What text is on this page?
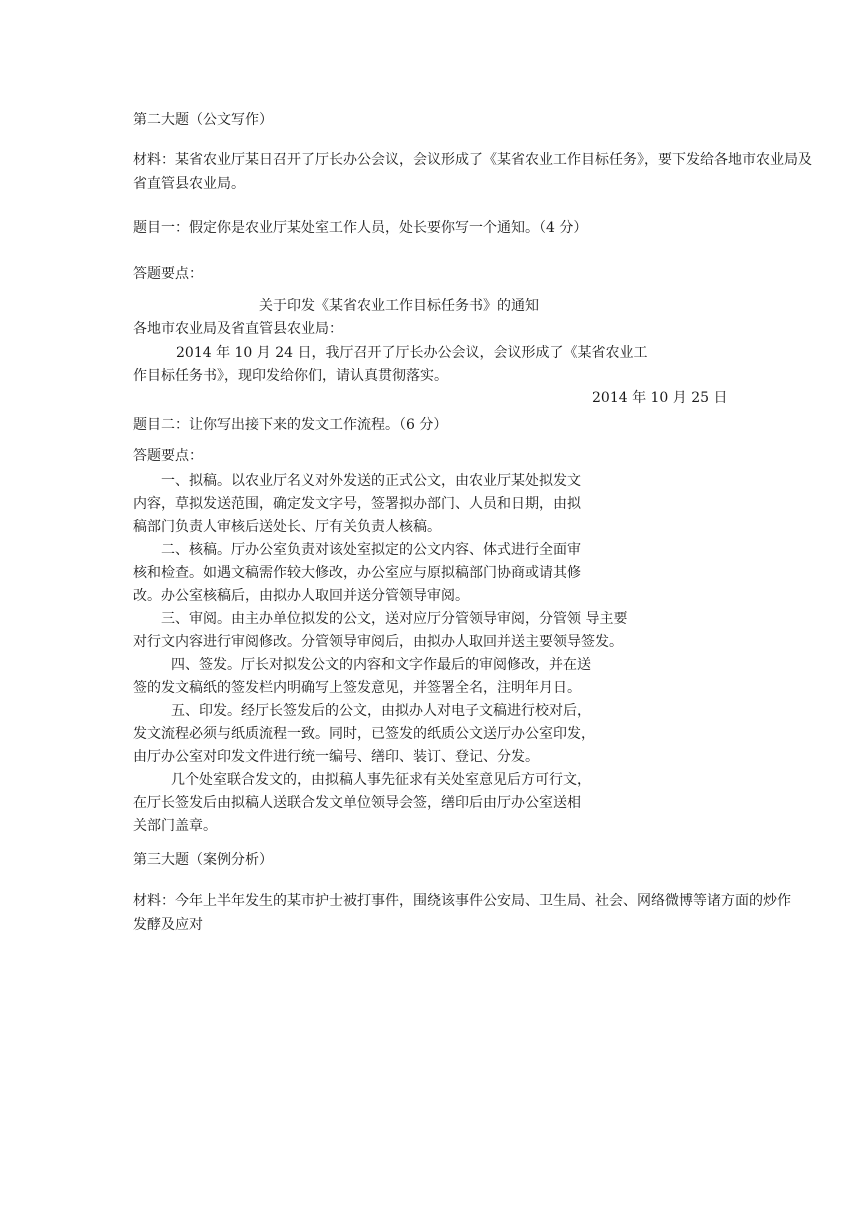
第二大题（公文写作）
材料：某省农业厅某日召开了厅长办公会议，会议形成了《某省农业工作目标任务》，要下发给各地市农业局及
省直管县农业局。
题目一：假定你是农业厅某处室工作人员，处长要你写一个通知。（4 分）
答题要点：
关于印发《某省农业工作目标任务书》的通知
各地市农业局及省直管县农业局：
2014 年 10 月 24 日，我厅召开了厅长办公会议，会议形成了《某省农业工
作目标任务书》，现印发给你们，请认真贯彻落实。
2014 年 10 月 25 日
题目二：让你写出接下来的发文工作流程。（6 分）
答题要点：
一、拟稿。以农业厅名义对外发送的正式公文，由农业厅某处拟发文
内容，草拟发送范围，确定发文字号，签署拟办部门、人员和日期，由拟
稿部门负责人审核后送处长、厅有关负责人核稿。
二、核稿。厅办公室负责对该处室拟定的公文内容、体式进行全面审
核和检查。如遇文稿需作较大修改，办公室应与原拟稿部门协商或请其修
改。办公室核稿后，由拟办人取回并送分管领导审阅。
三、审阅。由主办单位拟发的公文，送对应厅分管领导审阅，分管领 导主要
对行文内容进行审阅修改。分管领导审阅后，由拟办人取回并送主要领导签发。
四、签发。厅长对拟发公文的内容和文字作最后的审阅修改，并在送
签的发文稿纸的签发栏内明确写上签发意见，并签署全名，注明年月日。
五、印发。经厅长签发后的公文，由拟办人对电子文稿进行校对后，
发文流程必须与纸质流程一致。同时，已签发的纸质公文送厅办公室印发，
由厅办公室对印发文件进行统一编号、缮印、装订、登记、分发。
几个处室联合发文的，由拟稿人事先征求有关处室意见后方可行文，
在厅长签发后由拟稿人送联合发文单位领导会签，缮印后由厅办公室送相
关部门盖章。
第三大题（案例分析）
材料：今年上半年发生的某市护士被打事件，围绕该事件公安局、卫生局、社会、网络微博等诸方面的炒作
发酵及应对
